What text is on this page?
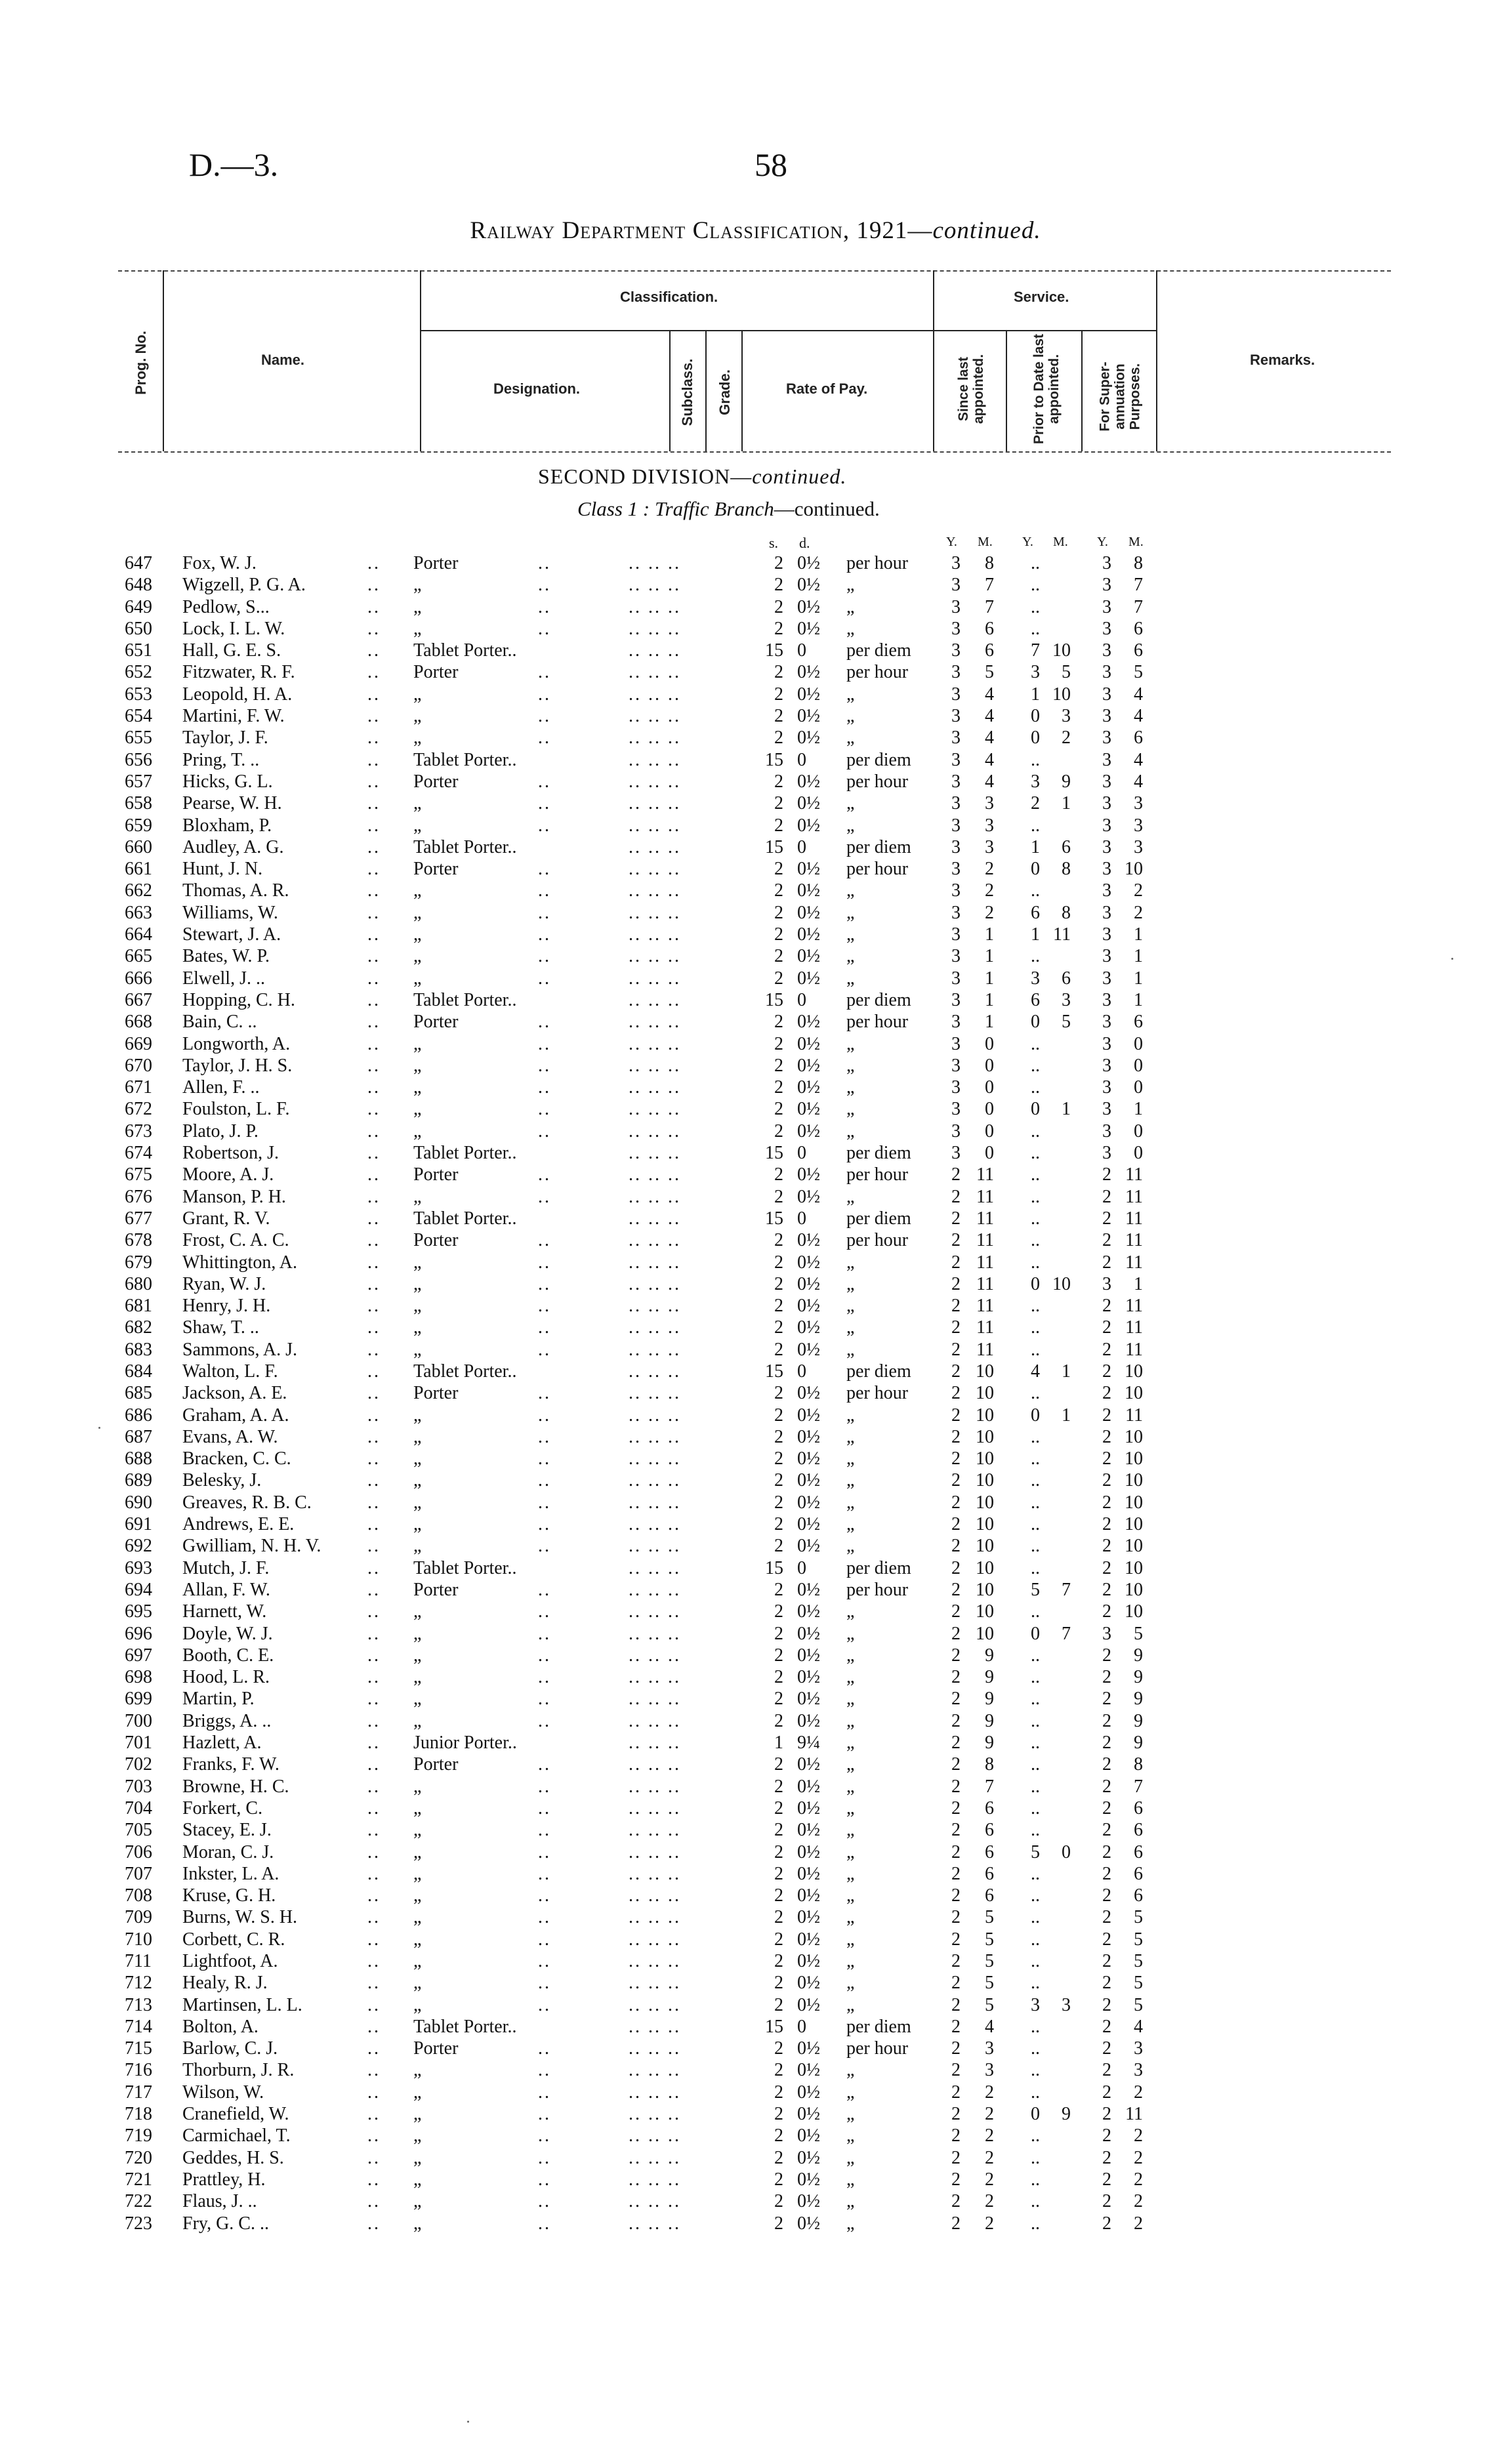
D.—3.	58
Railway Department Classification, 1921—continued.
Prog. No.	Name.
Classification.
Designation.	Subclass. Grade.	Rate of Pay.
Service.
Since last appointed.	Prior to Date last appointed.	For Super- annuation Purposes.
Remarks.
SECOND DIVISION—continued.
Class 1 : Traffic Branch—continued.
s. d.	Y. M. Y. M. Y. M.
647 Fox, W. J.	.. Porter	..	.. .. ..	2 0½ per hour	3	8	..	3	8
648 Wigzell, P. G. A.	.. „	..	.. .. ..	2 0½ „	3	7	..	3	7
649 Pedlow, S...	.. „	..	.. .. ..	2 0½ „	3	7	..	3	7
650 Lock, I. L. W.	.. „	..	.. .. ..	2 0½ „	3	6	..	3	6
651 Hall, G. E. S.	.. Tablet Porter..	.. .. ..	15 0 per diem	3	6	7 10	3	6
652 Fitzwater, R. F.	.. Porter	..	.. .. ..	2 0½ per hour	3	5	3	5	3	5
653 Leopold, H. A.	.. „	..	.. .. ..	2 0½ „	3	4	1 10	3	4
654 Martini, F. W.	.. „	..	.. .. ..	2 0½ „	3	4	0	3	3	4
655 Taylor, J. F.	.. „	..	.. .. ..	2 0½ „	3	4	0	2	3	6
656 Pring, T. ..	.. Tablet Porter..	.. .. ..	15 0 per diem	3	4	..	3	4
657 Hicks, G. L.	.. Porter	..	.. .. ..	2 0½ per hour	3	4	3	9	3	4
658 Pearse, W. H.	.. „	..	.. .. ..	2 0½ „	3	3	2	1	3	3
659 Bloxham, P.	.. „	..	.. .. ..	2 0½ „	3	3	..	3	3
660 Audley, A. G.	.. Tablet Porter..	.. .. ..	15 0 per diem	3	3	1	6	3	3
661 Hunt, J. N.	.. Porter	..	.. .. ..	2 0½ per hour	3	2	0	8	3 10
662 Thomas, A. R.	.. „	..	.. .. ..	2 0½ „	3	2	..	3	2
663 Williams, W.	.. „	..	.. .. ..	2 0½ „	3	2	6	8	3	2
664 Stewart, J. A.	.. „	..	.. .. ..	2 0½ „	3	1	1 11	3	1
665 Bates, W. P.	.. „	..	.. .. ..	2 0½ „	3	1	..	3	1
666 Elwell, J. ..	.. „	..	.. .. ..	2 0½ „	3	1	3	6	3	1
667 Hopping, C. H.	.. Tablet Porter..	.. .. ..	15 0 per diem	3	1	6	3	3	1
668 Bain, C. ..	.. Porter	..	.. .. ..	2 0½ per hour	3	1	0	5	3	6
669 Longworth, A.	.. „	..	.. .. ..	2 0½ „	3	0	..	3	0
670 Taylor, J. H. S.	.. „	..	.. .. ..	2 0½ „	3	0	..	3	0
671 Allen, F. ..	.. „	..	.. .. ..	2 0½ „	3	0	..	3	0
672 Foulston, L. F.	.. „	..	.. .. ..	2 0½ „	3	0	0	1	3	1
673 Plato, J. P.	.. „	..	.. .. ..	2 0½ „	3	0	..	3	0
674 Robertson, J.	.. Tablet Porter..	.. .. ..	15 0 per diem	3	0	..	3	0
675 Moore, A. J.	.. Porter	..	.. .. ..	2 0½ per hour	2 11	..	2 11
676 Manson, P. H.	.. „	..	.. .. ..	2 0½ „	2 11	..	2 11
677 Grant, R. V.	.. Tablet Porter..	.. .. ..	15 0 per diem	2 11	..	2 11
678 Frost, C. A. C.	.. Porter	..	.. .. ..	2 0½ per hour	2 11	..	2 11
679 Whittington, A.	.. „	..	.. .. ..	2 0½ „	2 11	..	2 11
680 Ryan, W. J.	.. „	..	.. .. ..	2 0½ „	2 11	0 10	3	1
681 Henry, J. H.	.. „	..	.. .. ..	2 0½ „	2 11	..	2 11
682 Shaw, T. ..	.. „	..	.. .. ..	2 0½ „	2 11	..	2 11
683 Sammons, A. J.	.. „	..	.. .. ..	2 0½ „	2 11	..	2 11
684 Walton, L. F.	.. Tablet Porter..	.. .. ..	15 0 per diem	2 10	4	1	2 10
685 Jackson, A. E.	.. Porter	..	.. .. ..	2 0½ per hour	2 10	..	2 10
686 Graham, A. A.	.. „	..	.. .. ..	2 0½ „	2 10	0	1	2 11
687 Evans, A. W.	.. „	..	.. .. ..	2 0½ „	2 10	..	2 10
688 Bracken, C. C.	.. „	..	.. .. ..	2 0½ „	2 10	..	2 10
689 Belesky, J.	.. „	..	.. .. ..	2 0½ „	2 10	..	2 10
690 Greaves, R. B. C.	.. „	..	.. .. ..	2 0½ „	2 10	..	2 10
691 Andrews, E. E.	.. „	..	.. .. ..	2 0½ „	2 10	..	2 10
692 Gwilliam, N. H. V.	.. „	..	.. .. ..	2 0½ „	2 10	..	2 10
693 Mutch, J. F.	.. Tablet Porter..	.. .. ..	15 0 per diem	2 10	..	2 10
694 Allan, F. W.	.. Porter	..	.. .. ..	2 0½ per hour	2 10	5	7	2 10
695 Harnett, W.	.. „	..	.. .. ..	2 0½ „	2 10	..	2 10
696 Doyle, W. J.	.. „	..	.. .. ..	2 0½ „	2 10	0	7	3	5
697 Booth, C. E.	.. „	..	.. .. ..	2 0½ „	2	9	..	2	9
698 Hood, L. R.	.. „	..	.. .. ..	2 0½ „	2	9	..	2	9
699 Martin, P.	.. „	..	.. .. ..	2 0½ „	2	9	..	2	9
700 Briggs, A. ..	.. „	..	.. .. ..	2 0½ „	2	9	..	2	9
701 Hazlett, A.	.. Junior Porter..	.. .. ..	1 9¼ „	2	9	..	2	9
702 Franks, F. W.	.. Porter	..	.. .. ..	2 0½ „	2	8	..	2	8
703 Browne, H. C.	.. „	..	.. .. ..	2 0½ „	2	7	..	2	7
704 Forkert, C.	.. „	..	.. .. ..	2 0½ „	2	6	..	2	6
705 Stacey, E. J.	.. „	..	.. .. ..	2 0½ „	2	6	..	2	6
706 Moran, C. J.	.. „	..	.. .. ..	2 0½ „	2	6	5	0	2	6
707 Inkster, L. A.	.. „	..	.. .. ..	2 0½ „	2	6	..	2	6
708 Kruse, G. H.	.. „	..	.. .. ..	2 0½ „	2	6	..	2	6
709 Burns, W. S. H.	.. „	..	.. .. ..	2 0½ „	2	5	..	2	5
710 Corbett, C. R.	.. „	..	.. .. ..	2 0½ „	2	5	..	2	5
711 Lightfoot, A.	.. „	..	.. .. ..	2 0½ „	2	5	..	2	5
712 Healy, R. J.	.. „	..	.. .. ..	2 0½ „	2	5	..	2	5
713 Martinsen, L. L.	.. „	..	.. .. ..	2 0½ „	2	5	3	3	2	5
714 Bolton, A.	.. Tablet Porter..	.. .. ..	15 0 per diem	2	4	..	2	4
715 Barlow, C. J.	.. Porter	..	.. .. ..	2 0½ per hour	2	3	..	2	3
716 Thorburn, J. R.	.. „	..	.. .. ..	2 0½ „	2	3	..	2	3
717 Wilson, W.	.. „	..	.. .. ..	2 0½ „	2	2	..	2	2
718 Cranefield, W.	.. „	..	.. .. ..	2 0½ „	2	2	0	9	2 11
719 Carmichael, T.	.. „	..	.. .. ..	2 0½ „	2	2	..	2	2
720 Geddes, H. S.	.. „	..	.. .. ..	2 0½ „	2	2	..	2	2
721 Prattley, H.	.. „	..	.. .. ..	2 0½ „	2	2	..	2	2
722 Flaus, J. ..	.. „	..	.. .. ..	2 0½ „	2	2	..	2	2
723 Fry, G. C. ..	.. „	..	.. .. ..	2 0½ „	2	2	..	2	2
